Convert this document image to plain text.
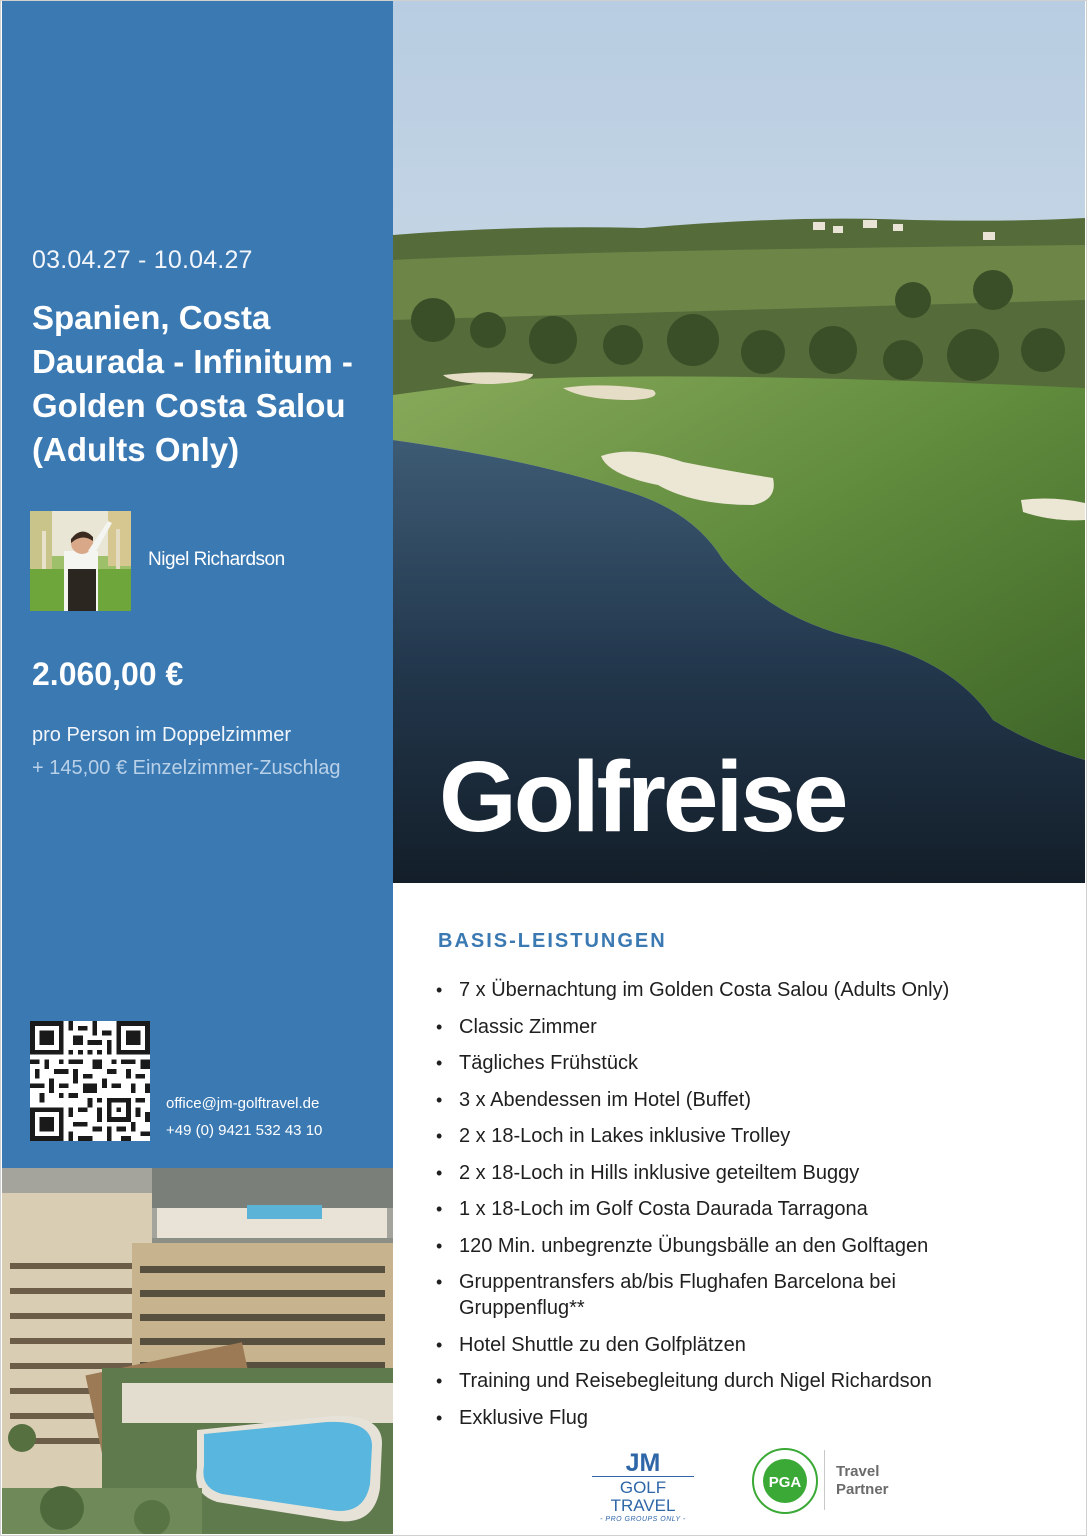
03.04.27 - 10.04.27
Spanien, Costa Daurada - Infinitum - Golden Costa Salou (Adults Only)
Nigel Richardson
2.060,00 €
pro Person im Doppelzimmer
+ 145,00 € Einzelzimmer-Zuschlag
office@jm-golftravel.de
+49 (0) 9421 532 43 10
Golfreise
BASIS-LEISTUNGEN
• 7 x Übernachtung im Golden Costa Salou (Adults Only)
• Classic Zimmer
• Tägliches Frühstück
• 3 x Abendessen im Hotel (Buffet)
• 2 x 18-Loch in Lakes inklusive Trolley
• 2 x 18-Loch in Hills inklusive geteiltem Buggy
• 1 x 18-Loch im Golf Costa Daurada Tarragona
• 120 Min. unbegrenzte Übungsbälle an den Golftagen
• Gruppentransfers ab/bis Flughafen Barcelona bei Gruppenflug**
• Hotel Shuttle zu den Golfplätzen
• Training und Reisebegleitung durch Nigel Richardson
• Exklusive Flug
JM
GOLF TRAVEL
- PRO GROUPS ONLY -
PGA
Travel
Partner
